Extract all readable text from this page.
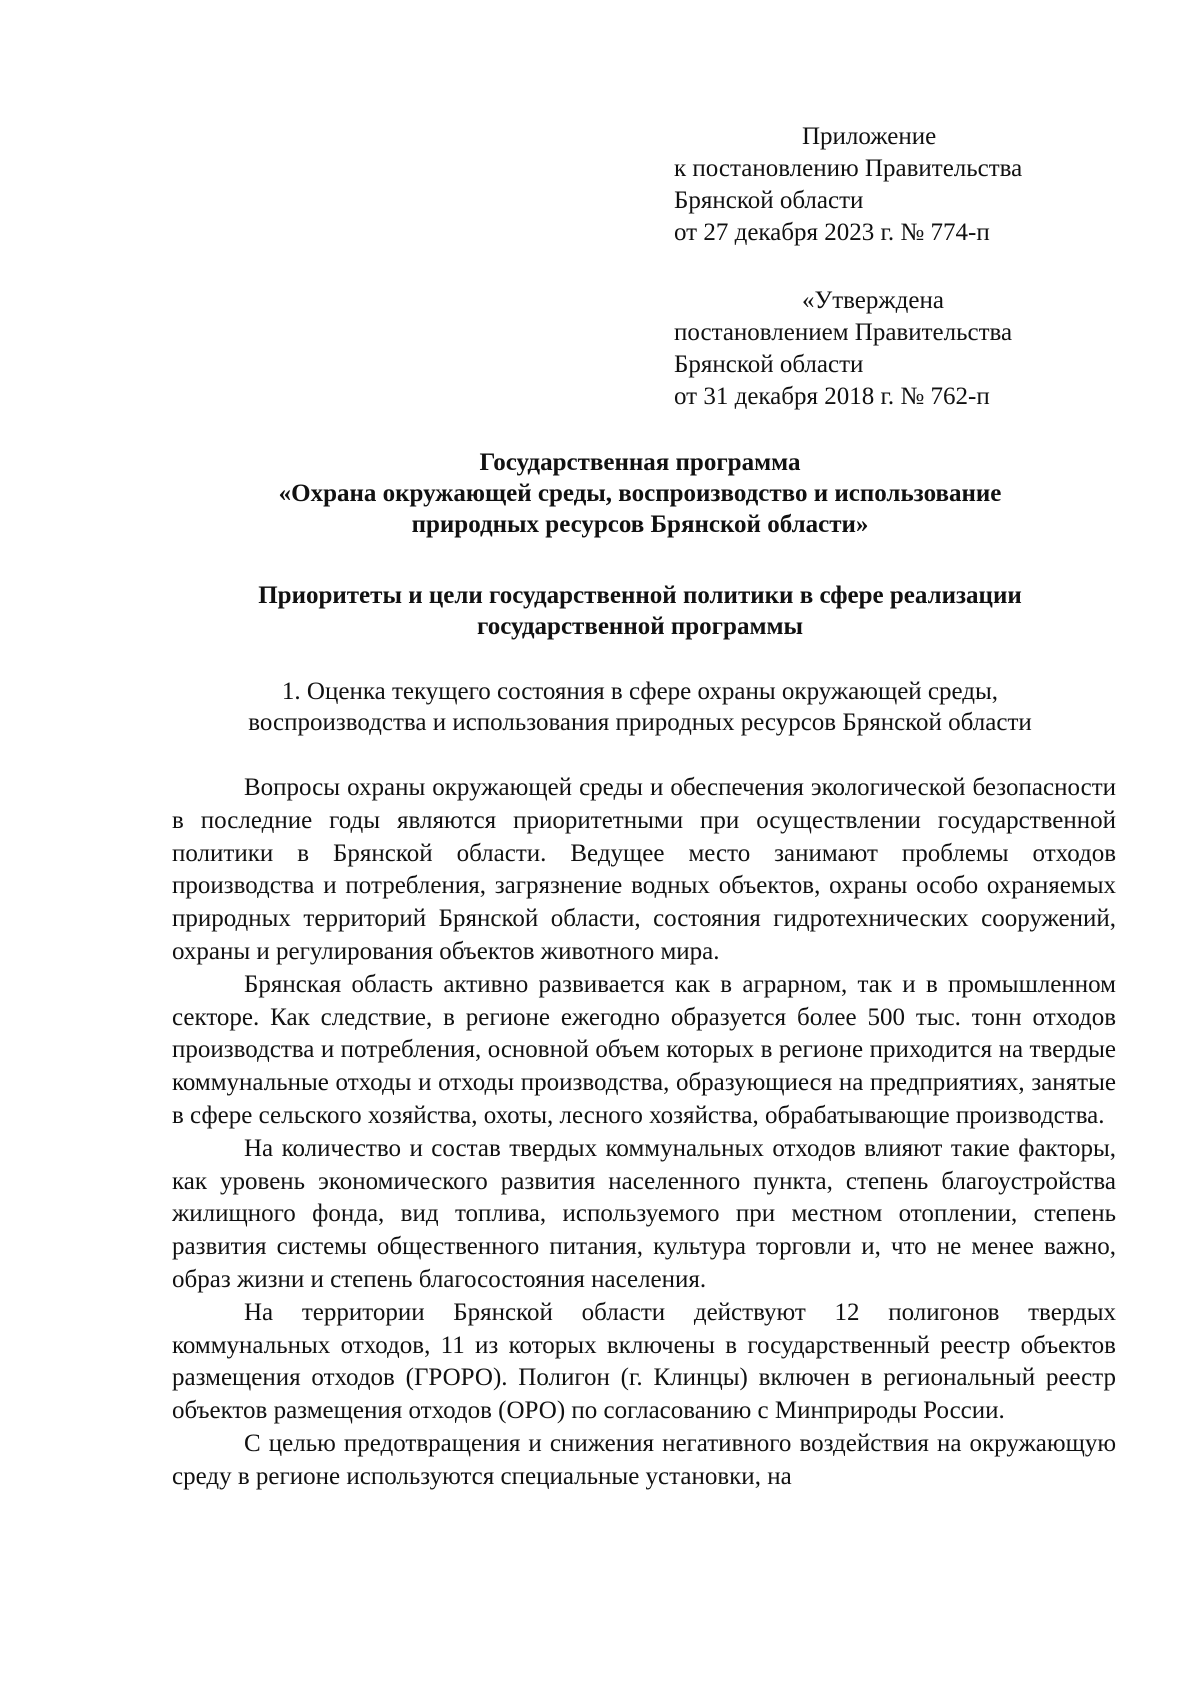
Приложение
к постановлению Правительства
Брянской области
от 27 декабря 2023 г. № 774-п
«Утверждена
постановлением Правительства
Брянской области
от 31 декабря 2018 г. № 762-п
Государственная программа
«Охрана окружающей среды, воспроизводство и использование
природных ресурсов Брянской области»
Приоритеты и цели государственной политики в сфере реализации
государственной программы
1. Оценка текущего состояния в сфере охраны окружающей среды,
воспроизводства и использования природных ресурсов Брянской области

Вопросы охраны окружающей среды и обеспечения экологической безопасности в последние годы являются приоритетными при осуществлении государственной политики в Брянской области. Ведущее место занимают проблемы отходов производства и потребления, загрязнение водных объектов, охраны особо охраняемых природных территорий Брянской области, состояния гидротехнических сооружений, охраны и регулирования объектов животного мира.

Брянская область активно развивается как в аграрном, так и в промышленном секторе. Как следствие, в регионе ежегодно образуется более 500 тыс. тонн отходов производства и потребления, основной объем которых в регионе приходится на твердые коммунальные отходы и отходы производства, образующиеся на предприятиях, занятые в сфере сельского хозяйства, охоты, лесного хозяйства, обрабатывающие производства.

На количество и состав твердых коммунальных отходов влияют такие факторы, как уровень экономического развития населенного пункта, степень благоустройства жилищного фонда, вид топлива, используемого при местном отоплении, степень развития системы общественного питания, культура торговли и, что не менее важно, образ жизни и степень благосостояния населения.

На территории Брянской области действуют 12 полигонов твердых коммунальных отходов, 11 из которых включены в государственный реестр объектов размещения отходов (ГРОРО). Полигон (г. Клинцы) включен в региональный реестр объектов размещения отходов (ОРО) по согласованию с Минприроды России.

С целью предотвращения и снижения негативного воздействия на окружающую среду в регионе используются специальные установки, на
